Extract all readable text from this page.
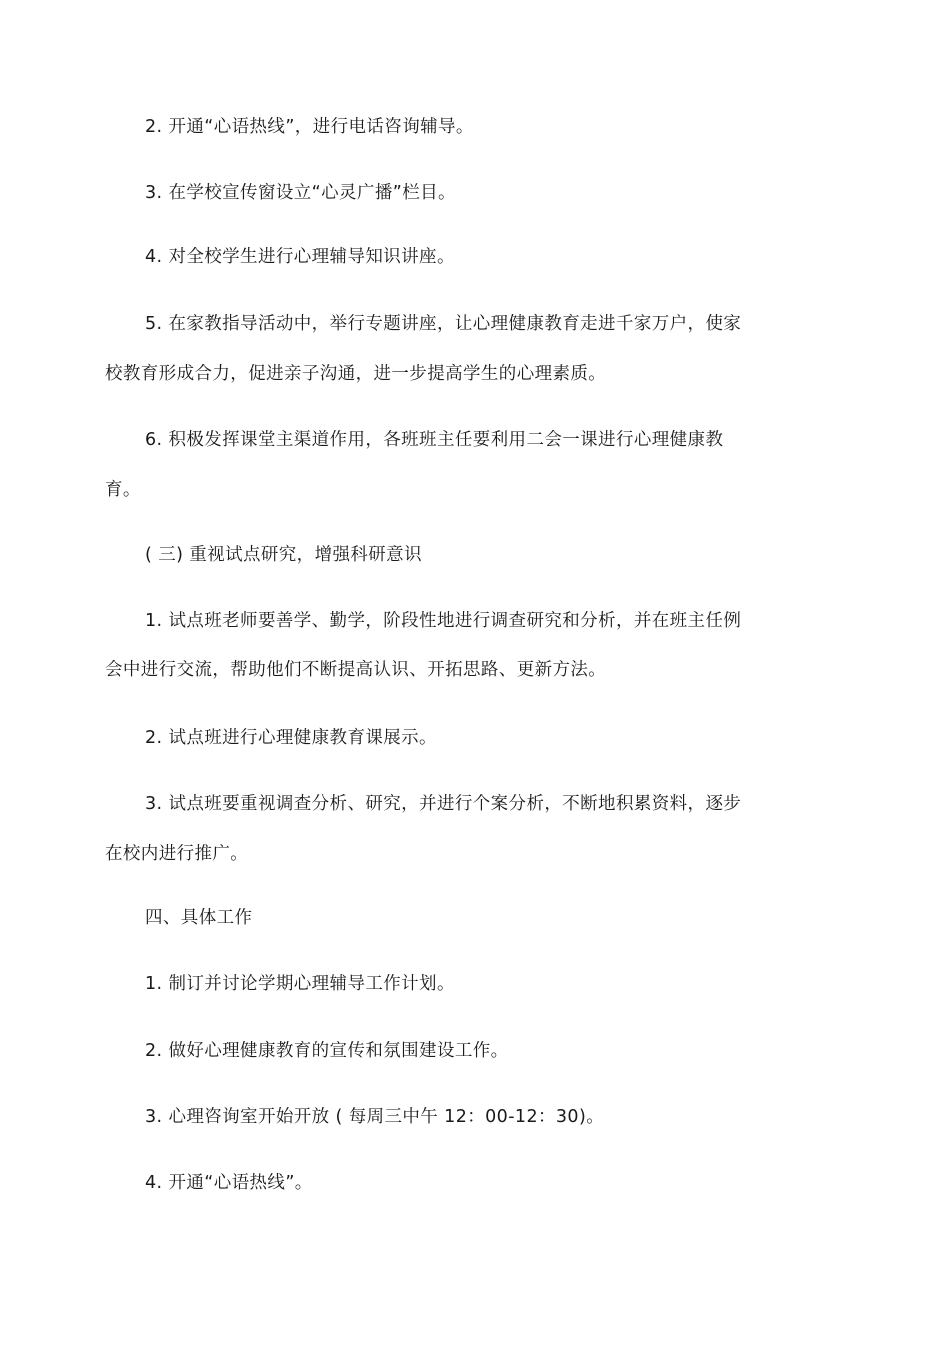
2. 开通“心语热线”，进行电话咨询辅导。
3. 在学校宣传窗设立“心灵广播”栏目。
4. 对全校学生进行心理辅导知识讲座。
5. 在家教指导活动中，举行专题讲座，让心理健康教育走进千家万户，使家
校教育形成合力，促进亲子沟通，进一步提高学生的心理素质。
6. 积极发挥课堂主渠道作用，各班班主任要利用二会一课进行心理健康教
育。
( 三) 重视试点研究，增强科研意识
1. 试点班老师要善学、勤学，阶段性地进行调查研究和分析，并在班主任例
会中进行交流，帮助他们不断提高认识、开拓思路、更新方法。
2. 试点班进行心理健康教育课展示。
3. 试点班要重视调查分析、研究，并进行个案分析，不断地积累资料，逐步
在校内进行推广。
四、具体工作
1. 制订并讨论学期心理辅导工作计划。
2. 做好心理健康教育的宣传和氛围建设工作。
3. 心理咨询室开始开放 ( 每周三中午 12：00-12：30)。
4. 开通“心语热线”。
